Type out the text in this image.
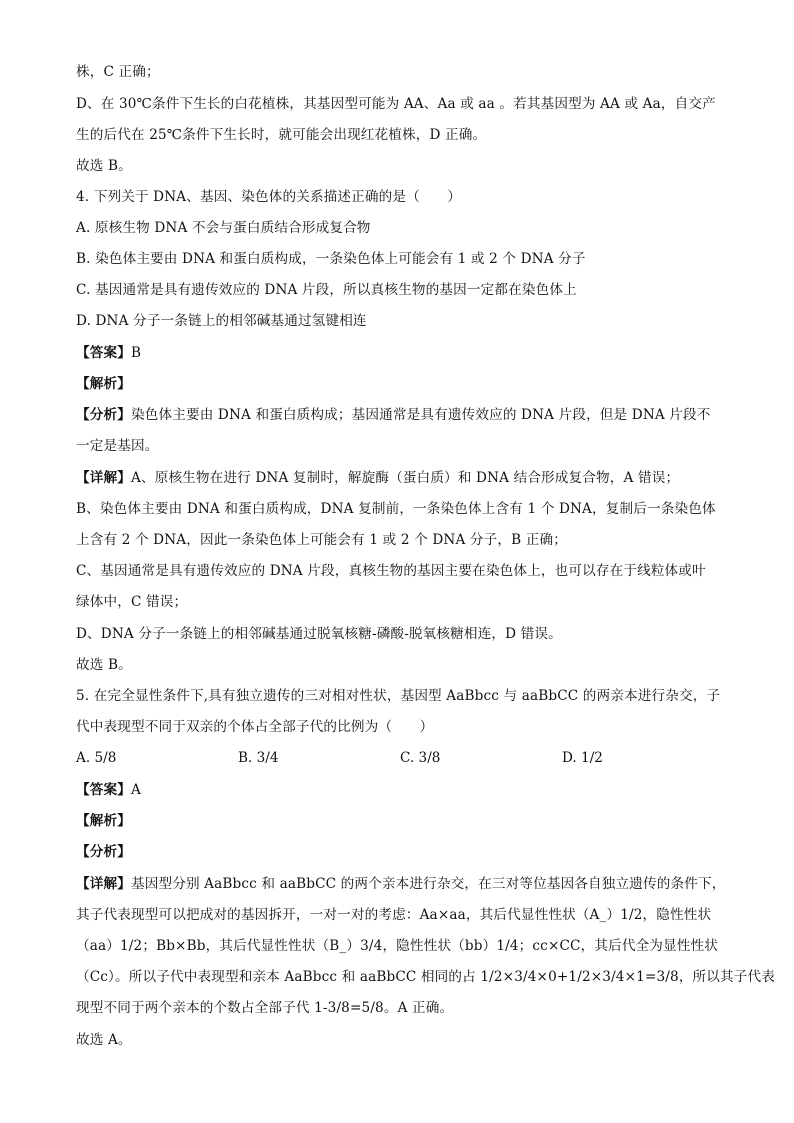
株，C 正确；
D、在 30℃条件下生长的白花植株，其基因型可能为 AA、Aa 或 aa 。若其基因型为 AA 或 Aa，自交产
生的后代在 25℃条件下生长时，就可能会出现红花植株，D 正确。
故选 B。
4. 下列关于 DNA、基因、染色体的关系描述正确的是（　　）
A. 原核生物 DNA 不会与蛋白质结合形成复合物
B. 染色体主要由 DNA 和蛋白质构成，一条染色体上可能会有 1 或 2 个 DNA 分子
C. 基因通常是具有遗传效应的 DNA 片段，所以真核生物的基因一定都在染色体上
D. DNA 分子一条链上的相邻碱基通过氢键相连
【答案】B
【解析】
【分析】染色体主要由 DNA 和蛋白质构成；基因通常是具有遗传效应的 DNA 片段，但是 DNA 片段不
一定是基因。
【详解】A、原核生物在进行 DNA 复制时，解旋酶（蛋白质）和 DNA 结合形成复合物，A 错误；
B、染色体主要由 DNA 和蛋白质构成，DNA 复制前，一条染色体上含有 1 个 DNA，复制后一条染色体
上含有 2 个 DNA，因此一条染色体上可能会有 1 或 2 个 DNA 分子，B 正确；
C、基因通常是具有遗传效应的 DNA 片段，真核生物的基因主要在染色体上，也可以存在于线粒体或叶
绿体中，C 错误；
D、DNA 分子一条链上的相邻碱基通过脱氧核糖-磷酸-脱氧核糖相连，D 错误。
故选 B。
5. 在完全显性条件下,具有独立遗传的三对相对性状，基因型 AaBbcc 与 aaBbCC 的两亲本进行杂交，子
代中表现型不同于双亲的个体占全部子代的比例为（　　）
A. 5/8	B. 3/4	C. 3/8	D. 1/2
【答案】A
【解析】
【分析】
【详解】基因型分别 AaBbcc 和 aaBbCC 的两个亲本进行杂交，在三对等位基因各自独立遗传的条件下，
其子代表现型可以把成对的基因拆开，一对一对的考虑：Aa×aa，其后代显性性状（A_）1/2，隐性性状
（aa）1/2；Bb×Bb，其后代显性性状（B_）3/4，隐性性状（bb）1/4；cc×CC，其后代全为显性性状
（Cc）。所以子代中表现型和亲本 AaBbcc 和 aaBbCC 相同的占 1/2×3/4×0+1/2×3/4×1=3/8，所以其子代表
现型不同于两个亲本的个数占全部子代 1-3/8=5/8。A 正确。
故选 A。
